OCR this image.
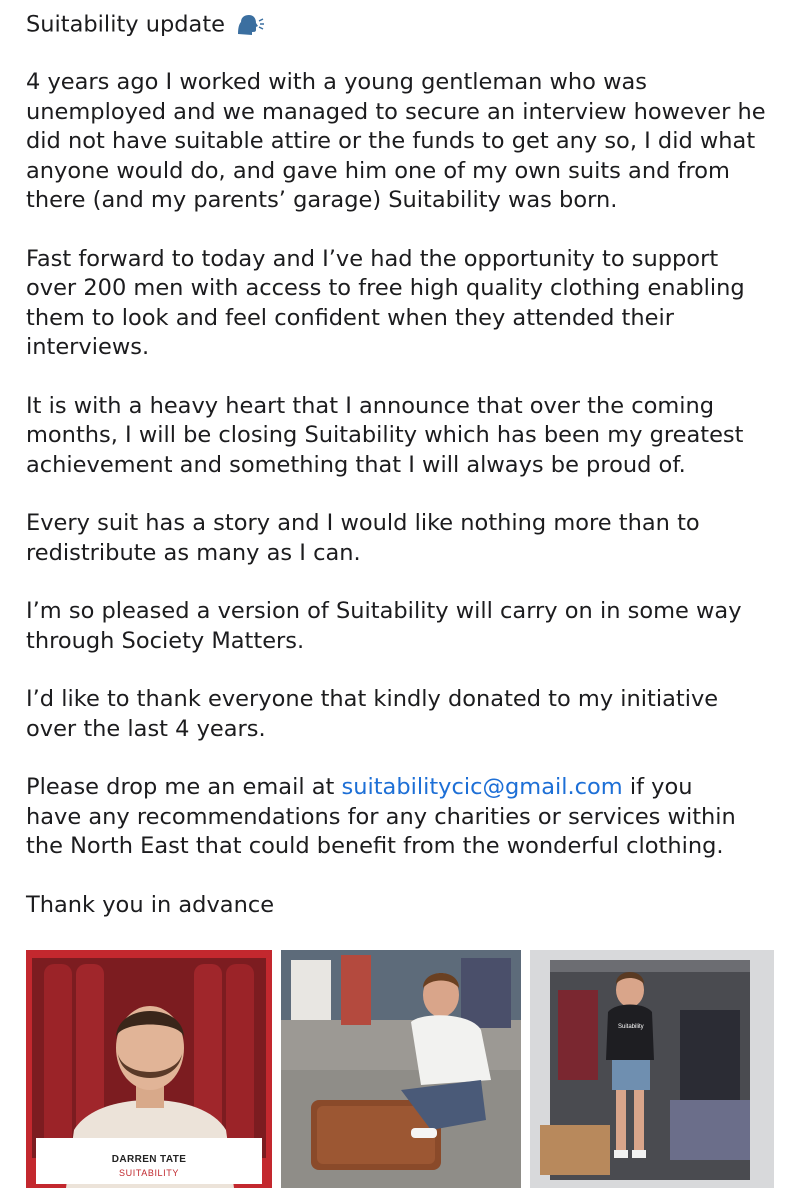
Suitability update

4 years ago I worked with a young gentleman who was
unemployed and we managed to secure an interview however he
did not have suitable attire or the funds to get any so, I did what
anyone would do, and gave him one of my own suits and from
there (and my parents’ garage) Suitability was born.

Fast forward to today and I’ve had the opportunity to support
over 200 men with access to free high quality clothing enabling
them to look and feel confident when they attended their
interviews.

It is with a heavy heart that I announce that over the coming
months, I will be closing Suitability which has been my greatest
achievement and something that I will always be proud of.

Every suit has a story and I would like nothing more than to
redistribute as many as I can.

I’m so pleased a version of Suitability will carry on in some way
through Society Matters.

I’d like to thank everyone that kindly donated to my initiative
over the last 4 years.

Please drop me an email at suitabilitycic@gmail.com if you
have any recommendations for any charities or services within
the North East that could benefit from the wonderful clothing.

Thank you in advance

DARREN TATE
SUITABILITY
Suitability
